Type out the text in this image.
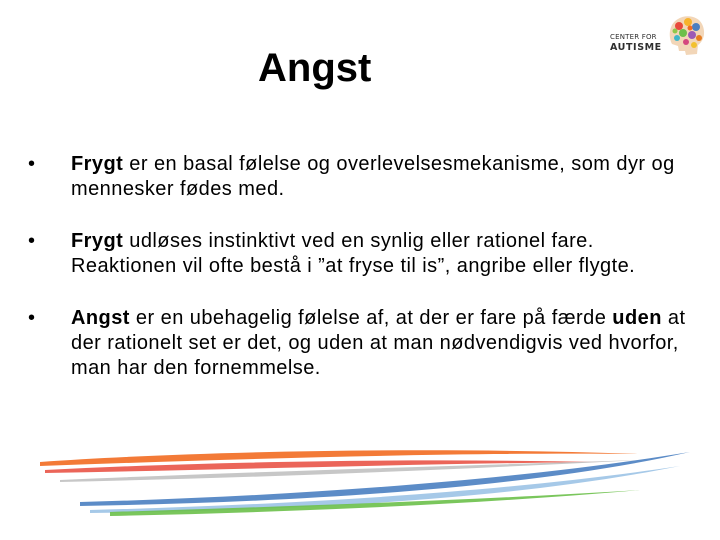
Angst
CENTER FOR
AUTISME
• Frygt er en basal følelse og overlevelsesmekanisme, som dyr og mennesker fødes med.
• Frygt udløses instinktivt ved en synlig eller rationel fare. Reaktionen vil ofte bestå i ”at fryse til is”, angribe eller flygte.
• Angst er en ubehagelig følelse af, at der er fare på færde uden at der rationelt set er det, og uden at man nødvendigvis ved hvorfor, man har den fornemmelse.
